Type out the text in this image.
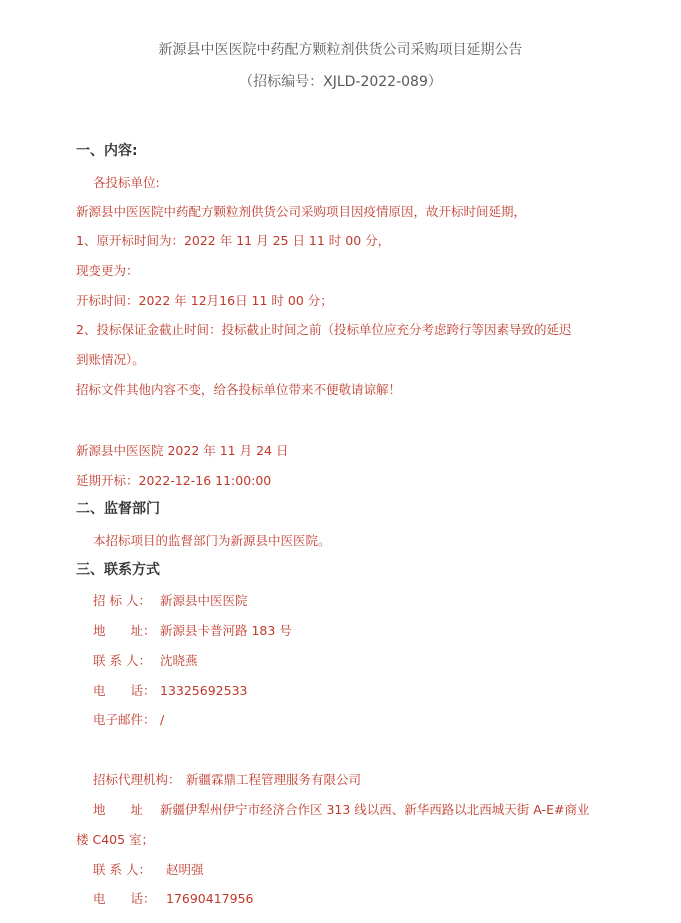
新源县中医医院中药配方颗粒剂供货公司采购项目延期公告
（招标编号：XJLD-2022-089）
一、内容:
各投标单位:
新源县中医医院中药配方颗粒剂供货公司采购项目因疫情原因，故开标时间延期，
1、原开标时间为：2022 年 11 月 25 日 11 时 00 分，
现变更为：
开标时间：2022 年 12月16日 11 时 00 分；
2、投标保证金截止时间：投标截止时间之前（投标单位应充分考虑跨行等因素导致的延迟
到账情况）。
招标文件其他内容不变，给各投标单位带来不便敬请谅解！
新源县中医医院 2022 年 11 月 24 日
延期开标：2022-12-16 11:00:00
二、监督部门
本招标项目的监督部门为新源县中医医院。
三、联系方式
招 标 人： 新源县中医医院
地　　址： 新源县卡普河路 183 号
联 系 人： 沈晓燕
电　　话： 13325692533
电子邮件： /
招标代理机构： 新疆霖鼎工程管理服务有限公司
地　　址 新疆伊犁州伊宁市经济合作区 313 线以西、新华西路以北西城天街 A-E#商业
楼 C405 室；
联 系 人： 赵明强
电　　话： 17690417956
